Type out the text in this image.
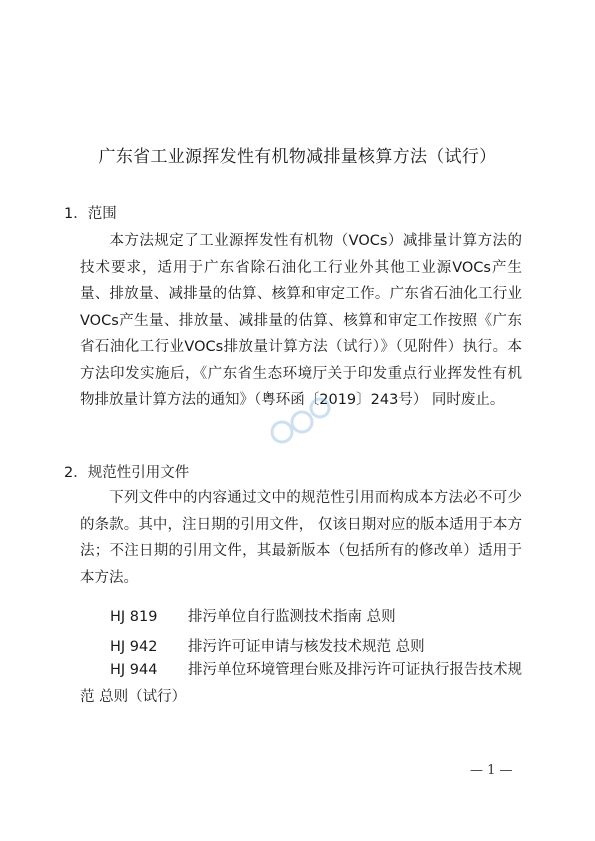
广东省工业源挥发性有机物减排量核算方法（试行）
1．范围

本方法规定了工业源挥发性有机物（VOCs）减排量计算方法的技术要求，适用于广东省除石油化工行业外其他工业源VOCs产生量、排放量、减排量的估算、核算和审定工作。广东省石油化工行业VOCs产生量、排放量、减排量的估算、核算和审定工作按照《广东省石油化工行业VOCs排放量计算方法（试行）》（见附件）执行。本方法印发实施后，《广东省生态环境厅关于印发重点行业挥发性有机物排放量计算方法的通知》（粤环函〔2019〕243号） 同时废止。

2．规范性引用文件

下列文件中的内容通过文中的规范性引用而构成本方法必不可少的条款。其中，注日期的引用文件， 仅该日期对应的版本适用于本方法；不注日期的引用文件，其最新版本（包括所有的修改单）适用于本方法。

HJ 819 排污单位自行监测技术指南 总则
HJ 942 排污许可证申请与核发技术规范 总则

HJ 944 排污单位环境管理台账及排污许可证执行报告技术规范 总则（试行）

— 1 —
